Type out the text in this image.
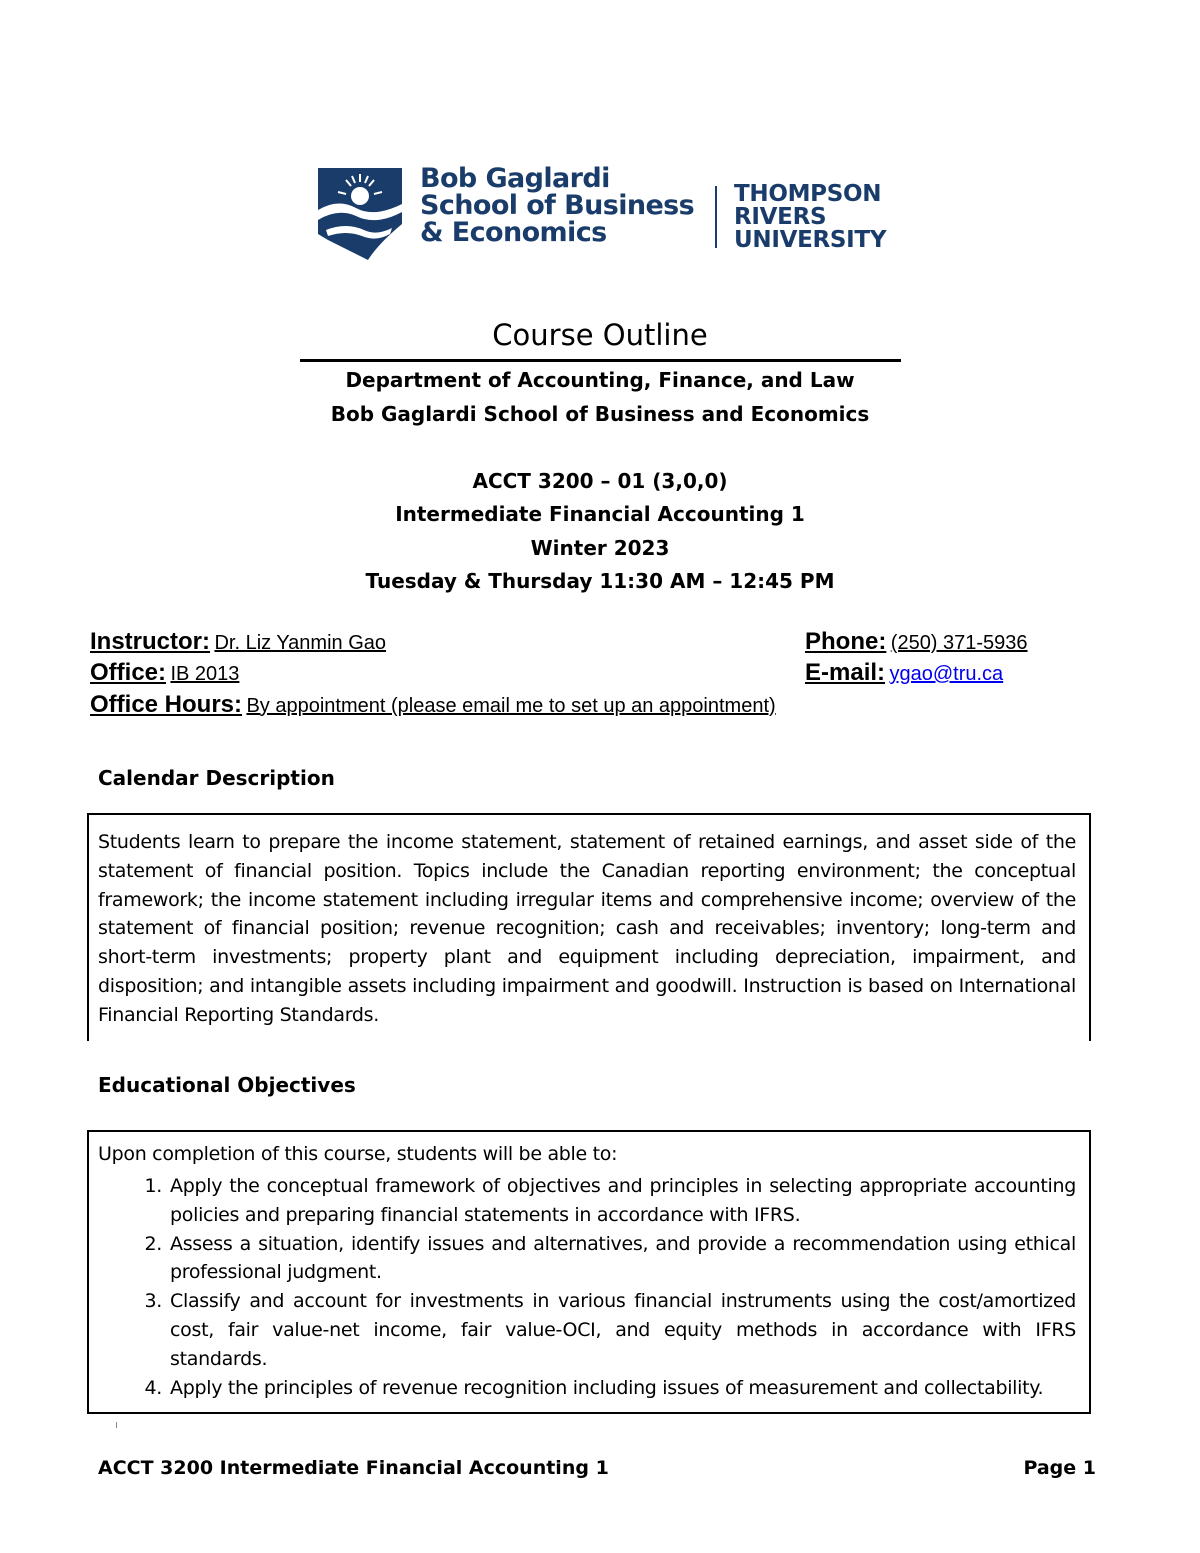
Bob Gaglardi
School of Business
& Economics
THOMPSON
RIVERS
UNIVERSITY
Course Outline
Department of Accounting, Finance, and Law
Bob Gaglardi School of Business and Economics
ACCT 3200 – 01 (3,0,0)
Intermediate Financial Accounting 1
Winter 2023
Tuesday & Thursday 11:30 AM – 12:45 PM
Instructor: Dr. Liz Yanmin Gao	Phone: (250) 371-5936
Office: IB 2013	E-mail: ygao@tru.ca
Office Hours: By appointment (please email me to set up an appointment)
Calendar Description
Students learn to prepare the income statement, statement of retained earnings, and asset side of the statement of financial position. Topics include the Canadian reporting environment; the conceptual framework; the income statement including irregular items and comprehensive income; overview of the statement of financial position; revenue recognition; cash and receivables; inventory; long-term and short-term investments; property plant and equipment including depreciation, impairment, and disposition; and intangible assets including impairment and goodwill. Instruction is based on International Financial Reporting Standards.
Educational Objectives
Upon completion of this course, students will be able to:
1. Apply the conceptual framework of objectives and principles in selecting appropriate accounting policies and preparing financial statements in accordance with IFRS.
2. Assess a situation, identify issues and alternatives, and provide a recommendation using ethical professional judgment.
3. Classify and account for investments in various financial instruments using the cost/amortized cost, fair value-net income, fair value-OCI, and equity methods in accordance with IFRS standards.
4. Apply the principles of revenue recognition including issues of measurement and collectability.
ACCT 3200 Intermediate Financial Accounting 1	Page 1
